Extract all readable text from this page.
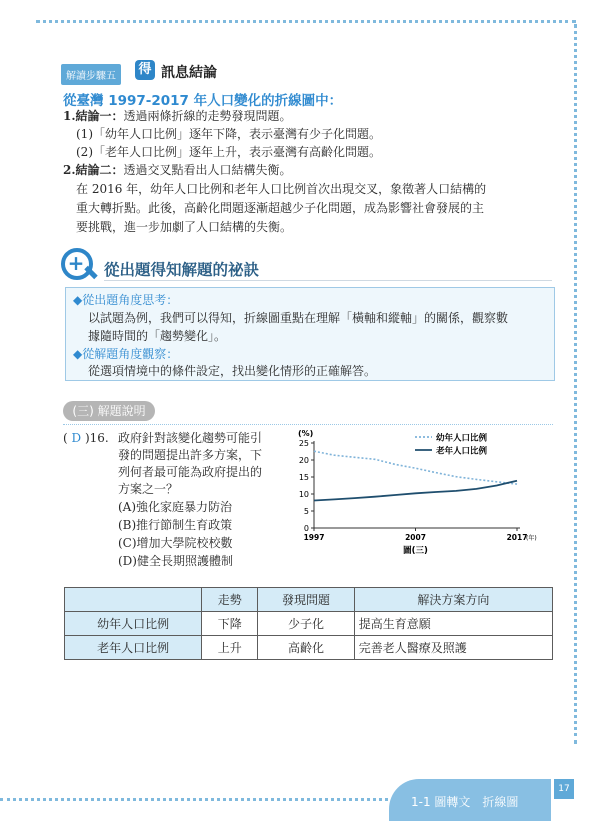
解讀步驟五	得 訊息結論
從臺灣 1997-2017 年人口變化的折線圖中：
1.結論一：透過兩條折線的走勢發現問題。
(1)「幼年人口比例」逐年下降，表示臺灣有少子化問題。
(2)「老年人口比例」逐年上升，表示臺灣有高齡化問題。
2.結論二：透過交叉點看出人口結構失衡。
在 2016 年，幼年人口比例和老年人口比例首次出現交叉，象徵著人口結構的
重大轉折點。此後，高齡化問題逐漸超越少子化問題，成為影響社會發展的主
要挑戰，進一步加劇了人口結構的失衡。
+ 從出題得知解題的祕訣
◆從出題角度思考：
以試題為例，我們可以得知，折線圖重點在理解「橫軸和縱軸」的關係，觀察數
據隨時間的「趨勢變化」。
◆從解題角度觀察：
從選項情境中的條件設定，找出變化情形的正確解答。
(三) 解題說明
( D )16. 政府針對該變化趨勢可能引
發的問題提出許多方案，下
列何者最可能為政府提出的
方案之一？
(A)強化家庭暴力防治
(B)推行節制生育政策
(C)增加大學院校校數
(D)健全長期照護體制
(%)
0
5
10
15
20
25
1997	2007	2017
(年)
圖(三)
幼年人口比例
老年人口比例
	走勢	發現問題	解決方案方向
幼年人口比例	下降	少子化	提高生育意願
老年人口比例	上升	高齡化	完善老人醫療及照護
1-1 圖轉文　折線圖
17
